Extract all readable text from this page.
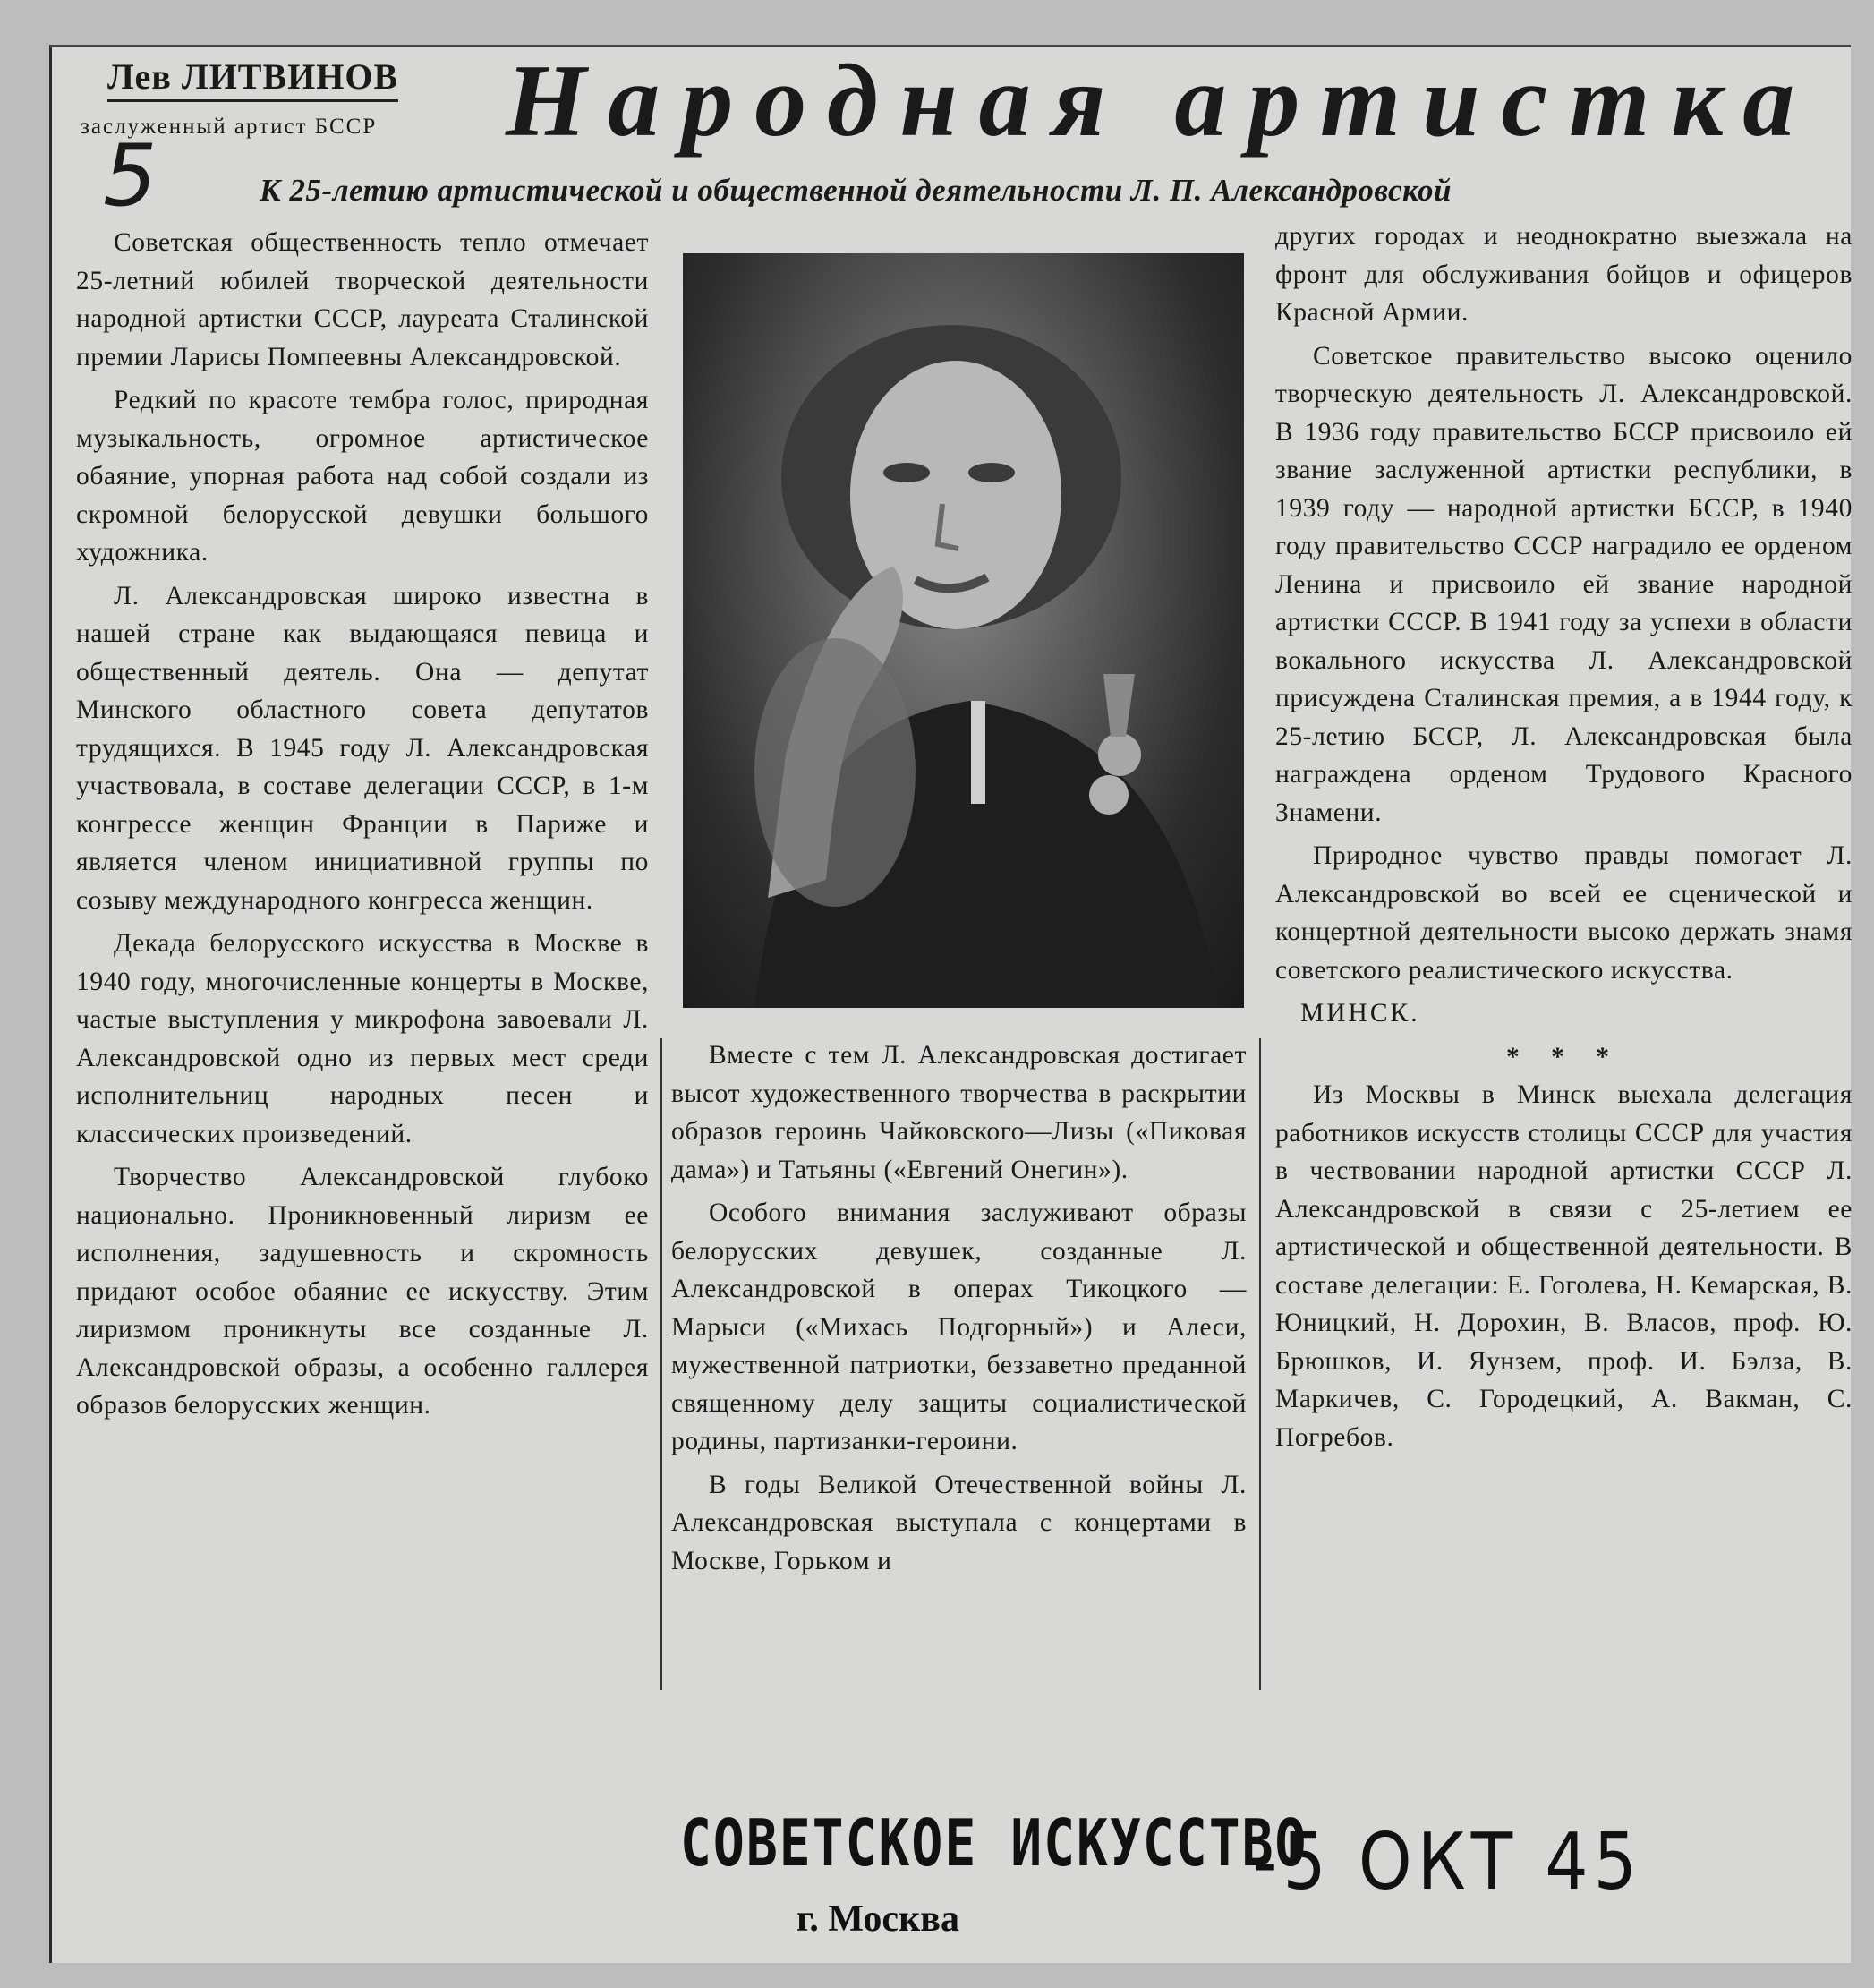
Лев ЛИТВИНОВ
заслуженный артист БССР
5
Народная артистка
К 25-летию артистической и общественной деятельности Л. П. Александровской

Советская общественность тепло отмечает 25-летний юбилей творческой деятельности народной артистки СССР, лауреата Сталинской премии Ларисы Помпеевны Александровской.

Редкий по красоте тембра голос, природная музыкальность, огромное артистическое обаяние, упорная работа над собой создали из скромной белорусской девушки большого художника.

Л. Александровская широко известна в нашей стране как выдающаяся певица и общественный деятель. Она — депутат Минского областного совета депутатов трудящихся. В 1945 году Л. Александровская участвовала, в составе делегации СССР, в 1-м конгрессе женщин Франции в Париже и является членом инициативной группы по созыву международного конгресса женщин.

Декада белорусского искусства в Москве в 1940 году, многочисленные концерты в Москве, частые выступления у микрофона завоевали Л. Александровской одно из первых мест среди исполнительниц народных песен и классических произведений.

Творчество Александровской глубоко национально. Проникновенный лиризм ее исполнения, задушевность и скромность придают особое обаяние ее искусству. Этим лиризмом проникнуты все созданные Л. Александровской образы, а особенно галлерея образов белорусских женщин.

Вместе с тем Л. Александровская достигает высот художественного творчества в раскрытии образов героинь Чайковского—Лизы («Пиковая дама») и Татьяны («Евгений Онегин»).

Особого внимания заслуживают образы белорусских девушек, созданные Л. Александровской в операх Тикоцкого — Марыси («Михась Подгорный») и Алеси, мужественной патриотки, беззаветно преданной священному делу защиты социалистической родины, партизанки-героини.

В годы Великой Отечественной войны Л. Александровская выступала с концертами в Москве, Горьком и

других городах и неоднократно выезжала на фронт для обслуживания бойцов и офицеров Красной Армии.

Советское правительство высоко оценило творческую деятельность Л. Александровской. В 1936 году правительство БССР присвоило ей звание заслуженной артистки республики, в 1939 году — народной артистки БССР, в 1940 году правительство СССР наградило ее орденом Ленина и присвоило ей звание народной артистки СССР. В 1941 году за успехи в области вокального искусства Л. Александровской присуждена Сталинская премия, а в 1944 году, к 25-летию БССР, Л. Александровская была награждена орденом Трудового Красного Знамени.

Природное чувство правды помогает Л. Александровской во всей ее сценической и концертной деятельности высоко держать знамя советского реалистического искусства.

МИНСК.

* * *

Из Москвы в Минск выехала делегация работников искусств столицы СССР для участия в чествовании народной артистки СССР Л. Александровской в связи с 25-летием ее артистической и общественной деятельности. В составе делегации: Е. Гоголева, Н. Кемарская, В. Юницкий, Н. Дорохин, В. Власов, проф. Ю. Брюшков, И. Яунзем, проф. И. Бэлза, В. Маркичев, С. Городецкий, А. Вакман, С. Погребов.

СОВЕТСКОЕ ИСКУССТВО
г. Москва
-5 ОКТ 45
